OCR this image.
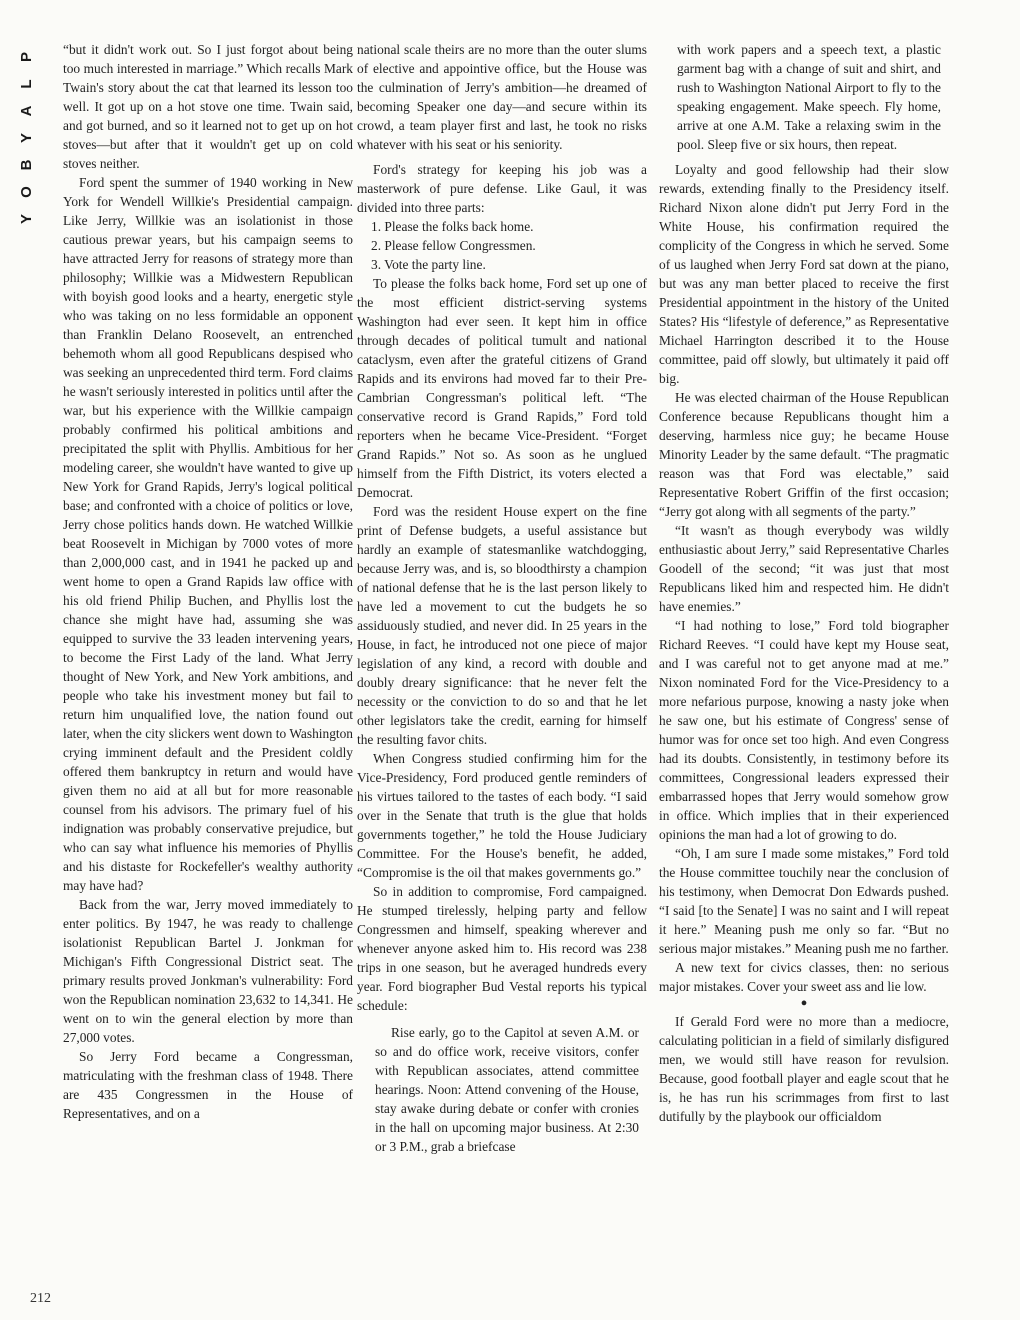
P
L
A
Y
B
O
Y

“but it didn't work out. So I just forgot about being too much interested in marriage.” Which recalls Mark Twain's story about the cat that learned its lesson too well. It got up on a hot stove one time. Twain said, and got burned, and so it learned not to get up on hot stoves—but after that it wouldn't get up on cold stoves neither.

Ford spent the summer of 1940 working in New York for Wendell Willkie's Presidential campaign. Like Jerry, Willkie was an isolationist in those cautious prewar years, but his campaign seems to have attracted Jerry for reasons of strategy more than philosophy; Willkie was a Midwestern Republican with boyish good looks and a hearty, energetic style who was taking on no less formidable an opponent than Franklin Delano Roosevelt, an entrenched behemoth whom all good Republicans despised who was seeking an unprecedented third term. Ford claims he wasn't seriously interested in politics until after the war, but his experience with the Willkie campaign probably confirmed his political ambitions and precipitated the split with Phyllis. Ambitious for her modeling career, she wouldn't have wanted to give up New York for Grand Rapids, Jerry's logical political base; and confronted with a choice of politics or love, Jerry chose politics hands down. He watched Willkie beat Roosevelt in Michigan by 7000 votes of more than 2,000,000 cast, and in 1941 he packed up and went home to open a Grand Rapids law office with his old friend Philip Buchen, and Phyllis lost the chance she might have had, assuming she was equipped to survive the 33 leaden intervening years, to become the First Lady of the land. What Jerry thought of New York, and New York ambitions, and people who take his investment money but fail to return him unqualified love, the nation found out later, when the city slickers went down to Washington crying imminent default and the President coldly offered them bankruptcy in return and would have given them no aid at all but for more reasonable counsel from his advisors. The primary fuel of his indignation was probably conservative prejudice, but who can say what influence his memories of Phyllis and his distaste for Rockefeller's wealthy authority may have had?

Back from the war, Jerry moved immediately to enter politics. By 1947, he was ready to challenge isolationist Republican Bartel J. Jonkman for Michigan's Fifth Congressional District seat. The primary results proved Jonkman's vulnerability: Ford won the Republican nomination 23,632 to 14,341. He went on to win the general election by more than 27,000 votes.

So Jerry Ford became a Congressman, matriculating with the freshman class of 1948. There are 435 Congressmen in the House of Representatives, and on a

national scale theirs are no more than the outer slums of elective and appointive office, but the House was the culmination of Jerry's ambition—he dreamed of becoming Speaker one day—and secure within its crowd, a team player first and last, he took no risks whatever with his seat or his seniority.

Ford's strategy for keeping his job was a masterwork of pure defense. Like Gaul, it was divided into three parts:

1. Please the folks back home.

2. Please fellow Congressmen.

3. Vote the party line.

To please the folks back home, Ford set up one of the most efficient district-serving systems Washington had ever seen. It kept him in office through decades of political tumult and national cataclysm, even after the grateful citizens of Grand Rapids and its environs had moved far to their Pre-Cambrian Congressman's political left. “The conservative record is Grand Rapids,” Ford told reporters when he became Vice-President. “Forget Grand Rapids.” Not so. As soon as he unglued himself from the Fifth District, its voters elected a Democrat.

Ford was the resident House expert on the fine print of Defense budgets, a useful assistance but hardly an example of statesmanlike watchdogging, because Jerry was, and is, so bloodthirsty a champion of national defense that he is the last person likely to have led a movement to cut the budgets he so assiduously studied, and never did. In 25 years in the House, in fact, he introduced not one piece of major legislation of any kind, a record with double and doubly dreary significance: that he never felt the necessity or the conviction to do so and that he let other legislators take the credit, earning for himself the resulting favor chits.

When Congress studied confirming him for the Vice-Presidency, Ford produced gentle reminders of his virtues tailored to the tastes of each body. “I said over in the Senate that truth is the glue that holds governments together,” he told the House Judiciary Committee. For the House's benefit, he added, “Compromise is the oil that makes governments go.”

So in addition to compromise, Ford campaigned. He stumped tirelessly, helping party and fellow Congressmen and himself, speaking wherever and whenever anyone asked him to. His record was 238 trips in one season, but he averaged hundreds every year. Ford biographer Bud Vestal reports his typical schedule:

Rise early, go to the Capitol at seven A.M. or so and do office work, receive visitors, confer with Republican associates, attend committee hearings. Noon: Attend convening of the House, stay awake during debate or confer with cronies in the hall on upcoming major business. At 2:30 or 3 P.M., grab a briefcase

with work papers and a speech text, a plastic garment bag with a change of suit and shirt, and rush to Washington National Airport to fly to the speaking engagement. Make speech. Fly home, arrive at one A.M. Take a relaxing swim in the pool. Sleep five or six hours, then repeat.

Loyalty and good fellowship had their slow rewards, extending finally to the Presidency itself. Richard Nixon alone didn't put Jerry Ford in the White House, his confirmation required the complicity of the Congress in which he served. Some of us laughed when Jerry Ford sat down at the piano, but was any man better placed to receive the first Presidential appointment in the history of the United States? His “lifestyle of deference,” as Representative Michael Harrington described it to the House committee, paid off slowly, but ultimately it paid off big.

He was elected chairman of the House Republican Conference because Republicans thought him a deserving, harmless nice guy; he became House Minority Leader by the same default. “The pragmatic reason was that Ford was electable,” said Representative Robert Griffin of the first occasion; “Jerry got along with all segments of the party.”

“It wasn't as though everybody was wildly enthusiastic about Jerry,” said Representative Charles Goodell of the second; “it was just that most Republicans liked him and respected him. He didn't have enemies.”

“I had nothing to lose,” Ford told biographer Richard Reeves. “I could have kept my House seat, and I was careful not to get anyone mad at me.” Nixon nominated Ford for the Vice-Presidency to a more nefarious purpose, knowing a nasty joke when he saw one, but his estimate of Congress' sense of humor was for once set too high. And even Congress had its doubts. Consistently, in testimony before its committees, Congressional leaders expressed their embarrassed hopes that Jerry would somehow grow in office. Which implies that in their experienced opinions the man had a lot of growing to do.

“Oh, I am sure I made some mistakes,” Ford told the House committee touchily near the conclusion of his testimony, when Democrat Don Edwards pushed. “I said [to the Senate] I was no saint and I will repeat it here.” Meaning push me only so far. “But no serious major mistakes.” Meaning push me no farther.

A new text for civics classes, then: no serious major mistakes. Cover your sweet ass and lie low.

•

If Gerald Ford were no more than a mediocre, calculating politician in a field of similarly disfigured men, we would still have reason for revulsion. Because, good football player and eagle scout that he is, he has run his scrimmages from first to last dutifully by the playbook our officialdom

212
